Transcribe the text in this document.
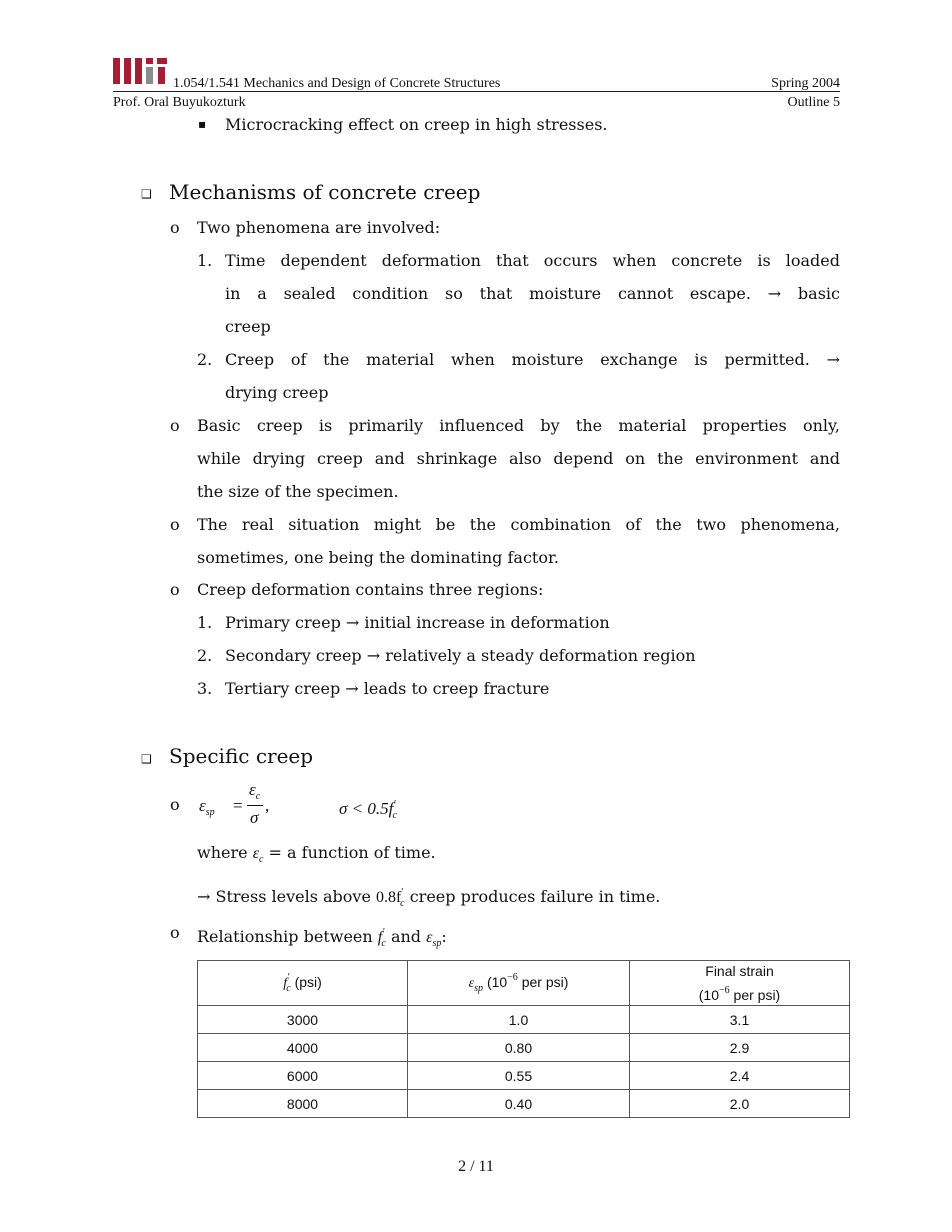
1.054/1.541 Mechanics and Design of Concrete Structures	Spring 2004
Prof. Oral Buyukozturk	Outline 5
▪ Microcracking effect on creep in high stresses.
❑ Mechanisms of concrete creep
o Two phenomena are involved:
1. Time dependent deformation that occurs when concrete is loaded
in a sealed condition so that moisture cannot escape. → basic
creep
2. Creep of the material when moisture exchange is permitted. →
drying creep
o Basic creep is primarily influenced by the material properties only,
while drying creep and shrinkage also depend on the environment and
the size of the specimen.
o The real situation might be the combination of the two phenomena,
sometimes, one being the dominating factor.
o Creep deformation contains three regions:
1. Primary creep → initial increase in deformation
2. Secondary creep → relatively a steady deformation region
3. Tertiary creep → leads to creep fracture
❑ Specific creep
o $\varepsilon_{sp}$ =
$\varepsilon_c$
σ
,	$\sigma < 0.5f'_c$
where $\varepsilon_c = a$ function of time.
→ Stress levels above $0.8f'_c$ creep produces failure in time.
o Relationship between $f'_c$ and $\varepsilon_{sp}$:
$f'_c$ (psi)	$\varepsilon_{sp}$ ($10^{-6}$ per psi)	Final strain
($10^{-6}$ per psi)
3000	1.0	3.1
4000	0.80	2.9
6000	0.55	2.4
8000	0.40	2.0
2 / 11
